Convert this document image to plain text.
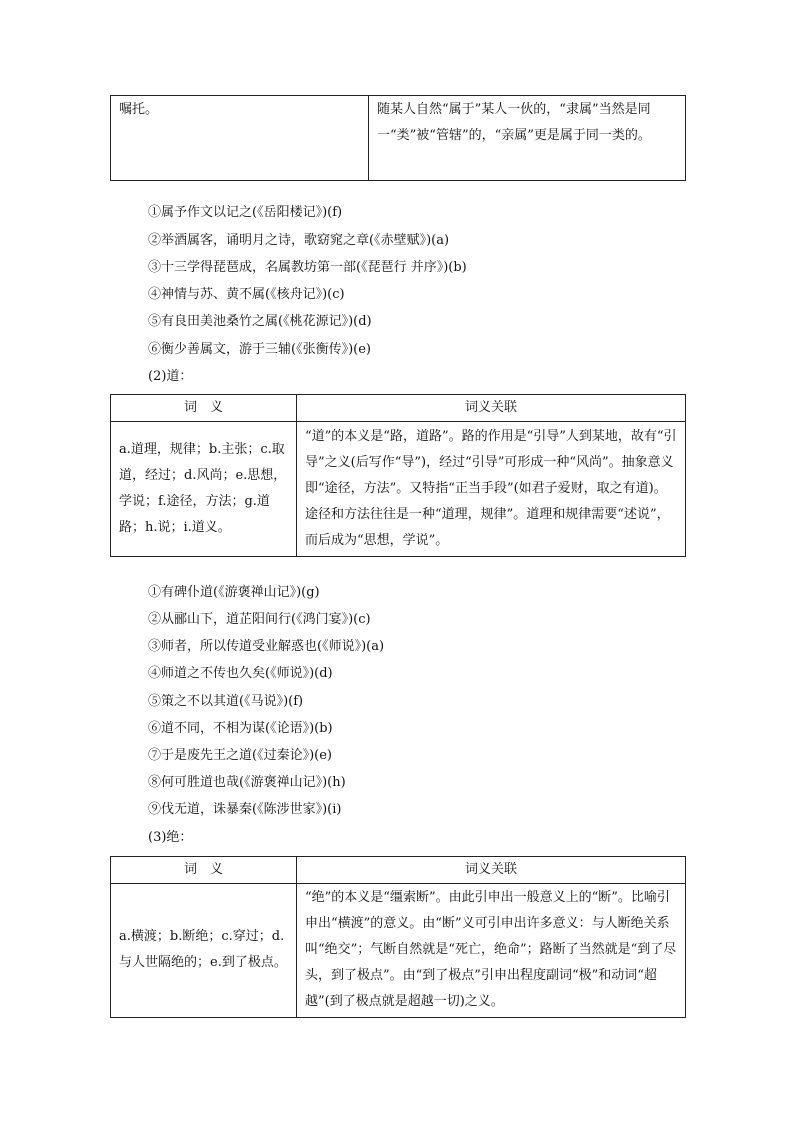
嘱托。	随某人自然“属于”某人一伙的，“隶属”当然是同一“类”被“管辖”的，“亲属”更是属于同一类的。
①属予作文以记之(《岳阳楼记》)(f)
②举酒属客，诵明月之诗，歌窈窕之章(《赤壁赋》)(a)
③十三学得琵琶成，名属教坊第一部(《琵琶行 并序》)(b)
④神情与苏、黄不属(《核舟记》)(c)
⑤有良田美池桑竹之属(《桃花源记》)(d)
⑥衡少善属文，游于三辅(《张衡传》)(e)
(2)道：
词　义	词义关联
a.道理，规律；b.主张；c.取道，经过；d.风尚；e.思想，学说；f.途径，方法；g.道路；h.说；i.道义。	“道”的本义是“路，道路”。路的作用是“引导”人到某地，故有“引导”之义(后写作“导”)，经过“引导”可形成一种“风尚”。抽象意义即“途径，方法”。又特指“正当手段”(如君子爱财，取之有道)。途径和方法往往是一种“道理，规律”。道理和规律需要“述说”，而后成为“思想，学说”。
①有碑仆道(《游褒禅山记》)(g)
②从郦山下，道芷阳间行(《鸿门宴》)(c)
③师者，所以传道受业解惑也(《师说》)(a)
④师道之不传也久矣(《师说》)(d)
⑤策之不以其道(《马说》)(f)
⑥道不同，不相为谋(《论语》)(b)
⑦于是废先王之道(《过秦论》)(e)
⑧何可胜道也哉(《游褒禅山记》)(h)
⑨伐无道，诛暴秦(《陈涉世家》)(i)
(3)绝：
词　义	词义关联
a.横渡；b.断绝；c.穿过；d.与人世隔绝的；e.到了极点。	“绝”的本义是“缰索断”。由此引申出一般意义上的“断”。比喻引申出“横渡”的意义。由“断”义可引申出许多意义：与人断绝关系叫“绝交”；气断自然就是“死亡，绝命”；路断了当然就是“到了尽头，到了极点”。由“到了极点”引申出程度副词“极”和动词“超越”(到了极点就是超越一切)之义。
